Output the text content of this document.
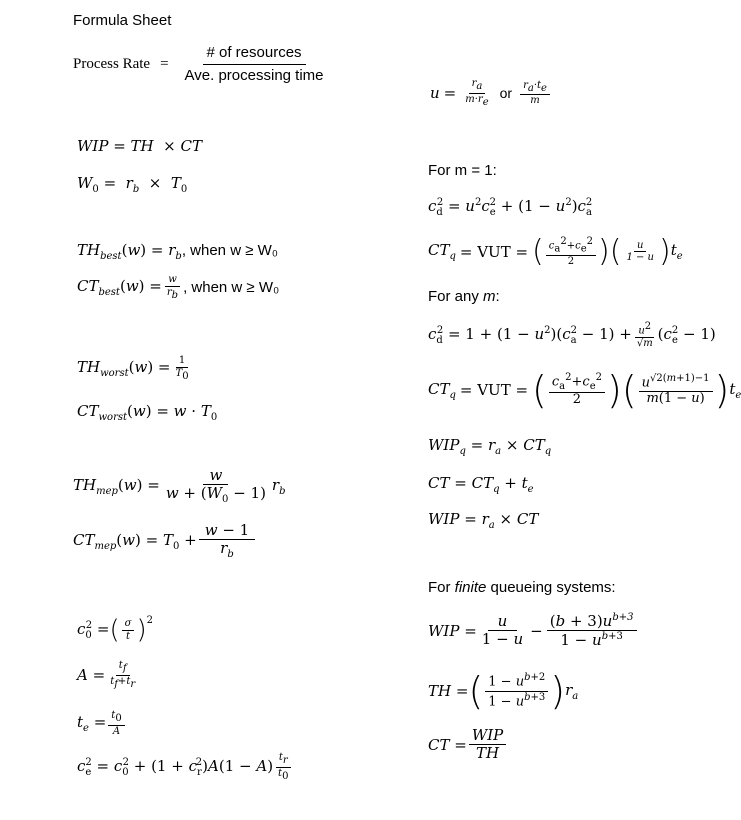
Formula Sheet
Process Rate = $\frac{\text{\# of resources}}{\text{Ave. processing time}}$
$u = \frac{r_a}{m\cdot r_e}$ or $\frac{r_a\cdot t_e}{m}$
WIP = TH  × CT
$W_0 = r_b \times T_0$
For m = 1:
$c_d^2 = u^2c_e^2 + (1 - u^2)c_a^2$
$TH_{best}(w) = r_b$, when w ≥ W₀	$CT_q$ = VUT = ( $\frac{c_a^2+c_e^2}{2}$ ) ( $\frac{u}{1 - u}$ ) $t_e$
$CT_{best}(w) = \frac{w}{r_b}$ , when w ≥ W₀
For any m:
$c_d^2 = 1 + (1 - u^2)(c_a^2 - 1) + \frac{u^2}{√m} (c_e^2 - 1)$
$TH_{worst}(w) = \frac{1}{T_0}$
$CT_q$ = VUT = ( $\frac{c_a^2+c_e^2}{2}$ ) ( $\frac{u^{√2(m+1)-1}}{m(1 - u)}$ ) $t_e$
$CT_{worst}(w) = w \cdot T_0$
$WIP_q = r_a \times CT_q$
CT = $CT_q + t_e$
$TH_{mep}(w) = \frac{w}{w + (W_0 - 1)} r_b$
WIP = $r_a$ × CT
$CT_{mep}(w) = T_0 + \frac{w - 1}{r_b}$
For finite queueing systems:
$c_0^2$ = ( $\frac{\sigma}{t} )^2$
WIP = $\frac{u}{1 - u} - \frac{(b + 3)u^{b+3}}{1 - u^{b+3}}$
$A = \frac{t_f}{t_f+t_r}$
TH = ( $\frac{1 - u^{b+2}}{1 - u^{b+3}}$ ) $r_a$
$t_e = \frac{t_0}{A}$
CT = $\frac{\text{WIP}}{TH}$
$c_e^2 = c_0^2 + (1 + c_r^2)A(1 - A) \frac{t_r}{t_0}$
